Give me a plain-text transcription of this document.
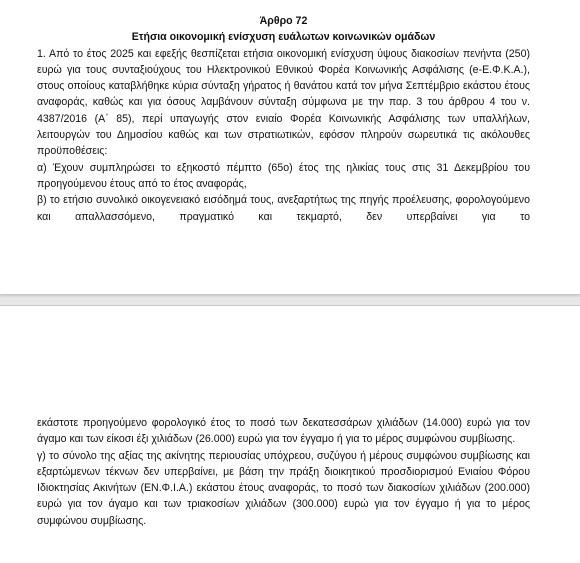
Άρθρο 72

Ετήσια οικονομική ενίσχυση ευάλωτων κοινωνικών ομάδων

1. Από το έτος 2025 και εφεξής θεσπίζεται ετήσια οικονομική ενίσχυση ύψους διακοσίων πενήντα (250) ευρώ για τους συνταξιούχους του Ηλεκτρονικού Εθνικού Φορέα Κοινωνικής Ασφάλισης (e-Ε.Φ.Κ.Α.), στους οποίους καταβλήθηκε κύρια σύνταξη γήρατος ή θανάτου κατά τον μήνα Σεπτέμβριο εκάστου έτους αναφοράς, καθώς και για όσους λαμβάνουν σύνταξη σύμφωνα με την παρ. 3 του άρθρου 4 του ν. 4387/2016 (Α΄ 85), περί υπαγωγής στον ενιαίο Φορέα Κοινωνικής Ασφάλισης των υπαλλήλων, λειτουργών του Δημοσίου καθώς και των στρατιωτικών, εφόσον πληρούν σωρευτικά τις ακόλουθες προϋποθέσεις:

α) Έχουν συμπληρώσει το εξηκοστό πέμπτο (65ο) έτος της ηλικίας τους στις 31 Δεκεμβρίου του προηγούμενου έτους από το έτος αναφοράς,

β) το ετήσιο συνολικό οικογενειακό εισόδημά τους, ανεξαρτήτως της πηγής προέλευσης, φορολογούμενο και απαλλασσόμενο, πραγματικό και τεκμαρτό, δεν υπερβαίνει για το

εκάστοτε προηγούμενο φορολογικό έτος το ποσό των δεκατεσσάρων χιλιάδων (14.000) ευρώ για τον άγαμο και των είκοσι έξι χιλιάδων (26.000) ευρώ για τον έγγαμο ή για το μέρος συμφώνου συμβίωσης.

γ) το σύνολο της αξίας της ακίνητης περιουσίας υπόχρεου, συζύγου ή μέρους συμφώνου συμβίωσης και εξαρτώμενων τέκνων δεν υπερβαίνει, με βάση την πράξη διοικητικού προσδιορισμού Ενιαίου Φόρου Ιδιοκτησίας Ακινήτων (ΕΝ.Φ.Ι.Α.) εκάστου έτους αναφοράς, το ποσό των διακοσίων χιλιάδων (200.000) ευρώ για τον άγαμο και των τριακοσίων χιλιάδων (300.000) ευρώ για τον έγγαμο ή για το μέρος συμφώνου συμβίωσης.
